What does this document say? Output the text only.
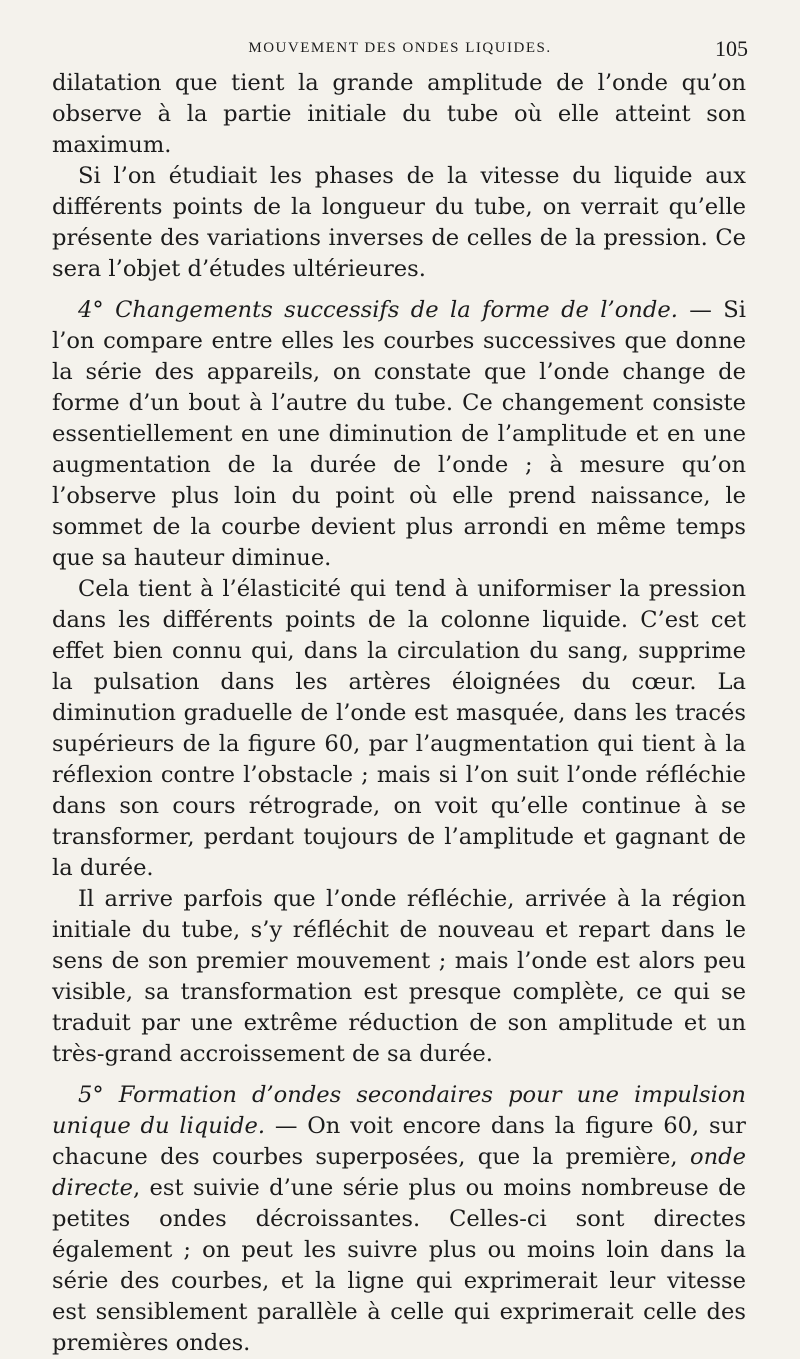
MOUVEMENT DES ONDES LIQUIDES.	105

dilatation que tient la grande amplitude de l’onde qu’on observe à la partie initiale du tube où elle atteint son maximum.

Si l’on étudiait les phases de la vitesse du liquide aux différents points de la longueur du tube, on verrait qu’elle présente des variations inverses de celles de la pression. Ce sera l’objet d’études ultérieures.

4° Changements successifs de la forme de l’onde. — Si l’on compare entre elles les courbes successives que donne la série des appareils, on constate que l’onde change de forme d’un bout à l’autre du tube. Ce changement consiste essentiellement en une diminution de l’amplitude et en une augmentation de la durée de l’onde ; à mesure qu’on l’observe plus loin du point où elle prend naissance, le sommet de la courbe devient plus arrondi en même temps que sa hauteur diminue.

Cela tient à l’élasticité qui tend à uniformiser la pression dans les différents points de la colonne liquide. C’est cet effet bien connu qui, dans la circulation du sang, supprime la pulsation dans les artères éloignées du cœur. La diminution graduelle de l’onde est masquée, dans les tracés supérieurs de la figure 60, par l’augmentation qui tient à la réflexion contre l’obstacle ; mais si l’on suit l’onde réfléchie dans son cours rétrograde, on voit qu’elle continue à se transformer, perdant toujours de l’amplitude et gagnant de la durée.

Il arrive parfois que l’onde réfléchie, arrivée à la région initiale du tube, s’y réfléchit de nouveau et repart dans le sens de son premier mouvement ; mais l’onde est alors peu visible, sa transformation est presque complète, ce qui se traduit par une extrême réduction de son amplitude et un très-grand accroissement de sa durée.

5° Formation d’ondes secondaires pour une impulsion unique du liquide. — On voit encore dans la figure 60, sur chacune des courbes superposées, que la première, onde directe, est suivie d’une série plus ou moins nombreuse de petites ondes décroissantes. Celles-ci sont directes également ; on peut les suivre plus ou moins loin dans la série des courbes, et la ligne qui exprimerait leur vitesse est sensiblement parallèle à celle qui exprimerait celle des premières ondes.
